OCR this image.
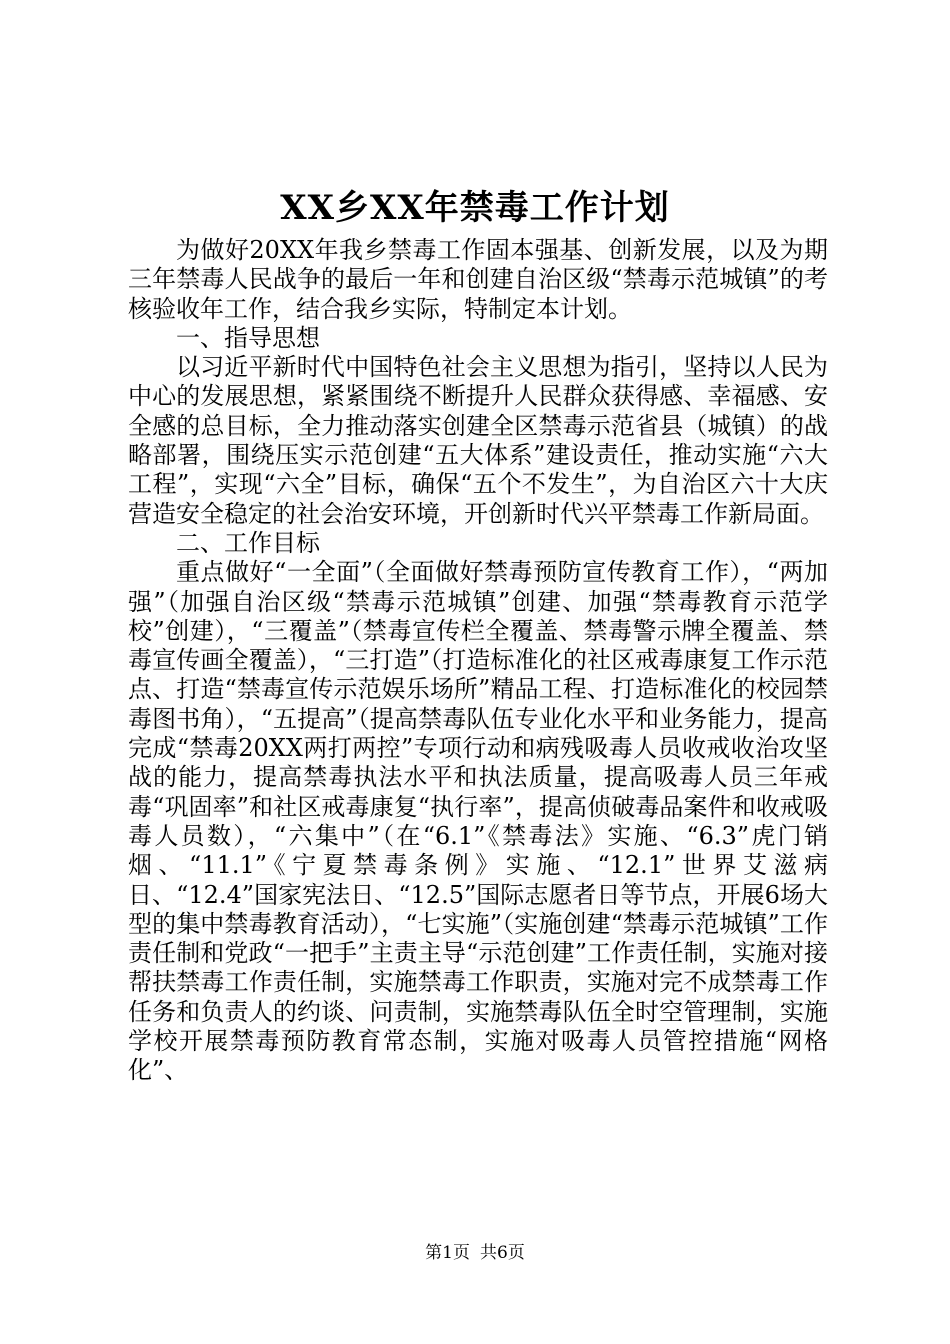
XX乡XX年禁毒工作计划

为做好20XX年我乡禁毒工作固本强基、创新发展，以及为期三年禁毒人民战争的最后一年和创建自治区级“禁毒示范城镇”的考核验收年工作，结合我乡实际，特制定本计划。

一、指导思想

以习近平新时代中国特色社会主义思想为指引，坚持以人民为中心的发展思想，紧紧围绕不断提升人民群众获得感、幸福感、安全感的总目标，全力推动落实创建全区禁毒示范省县（城镇）的战略部署，围绕压实示范创建“五大体系”建设责任，推动实施“六大工程”，实现“六全”目标，确保“五个不发生”，为自治区六十大庆营造安全稳定的社会治安环境，开创新时代兴平禁毒工作新局面。

二、工作目标

重点做好“一全面”（全面做好禁毒预防宣传教育工作），“两加强”（加强自治区级“禁毒示范城镇”创建、加强“禁毒教育示范学校”创建），“三覆盖”（禁毒宣传栏全覆盖、禁毒警示牌全覆盖、禁毒宣传画全覆盖），“三打造”（打造标准化的社区戒毒康复工作示范点、打造“禁毒宣传示范娱乐场所”精品工程、打造标准化的校园禁毒图书角），“五提高”（提高禁毒队伍专业化水平和业务能力，提高完成“禁毒20XX两打两控”专项行动和病残吸毒人员收戒收治攻坚战的能力，提高禁毒执法水平和执法质量，提高吸毒人员三年戒毒“巩固率”和社区戒毒康复“执行率”，提高侦破毒品案件和收戒吸毒人员数），“六集中”（在“6.1”《禁毒法》实施、“6.3”虎门销烟、“11.1”《宁夏禁毒条例》实施、“12.1”世界艾滋病日、“12.4”国家宪法日、“12.5”国际志愿者日等节点，开展6场大型的集中禁毒教育活动），“七实施”（实施创建“禁毒示范城镇”工作责任制和党政“一把手”主责主导“示范创建”工作责任制，实施对接帮扶禁毒工作责任制，实施禁毒工作职责，实施对完不成禁毒工作任务和负责人的约谈、问责制，实施禁毒队伍全时空管理制，实施学校开展禁毒预防教育常态制，实施对吸毒人员管控措施“网格化”、

第1页 共6页
